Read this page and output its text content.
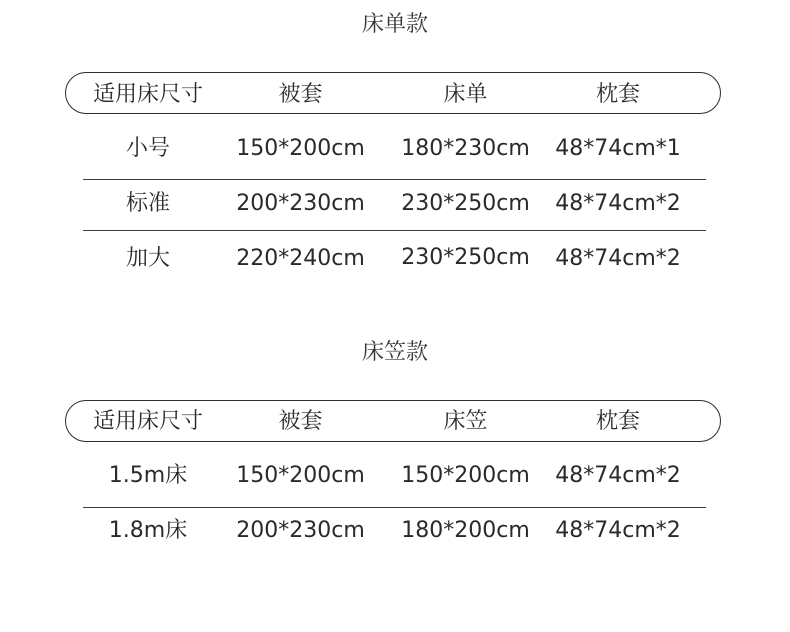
床单款
适用床尺寸	被套	床单	枕套
小号	150*200cm	180*230cm	48*74cm*1
标准	200*230cm	230*250cm	48*74cm*2
加大	220*240cm	230*250cm	48*74cm*2
床笠款
适用床尺寸	被套	床笠	枕套
1.5m床	150*200cm	150*200cm	48*74cm*2
1.8m床	200*230cm	180*200cm	48*74cm*2
